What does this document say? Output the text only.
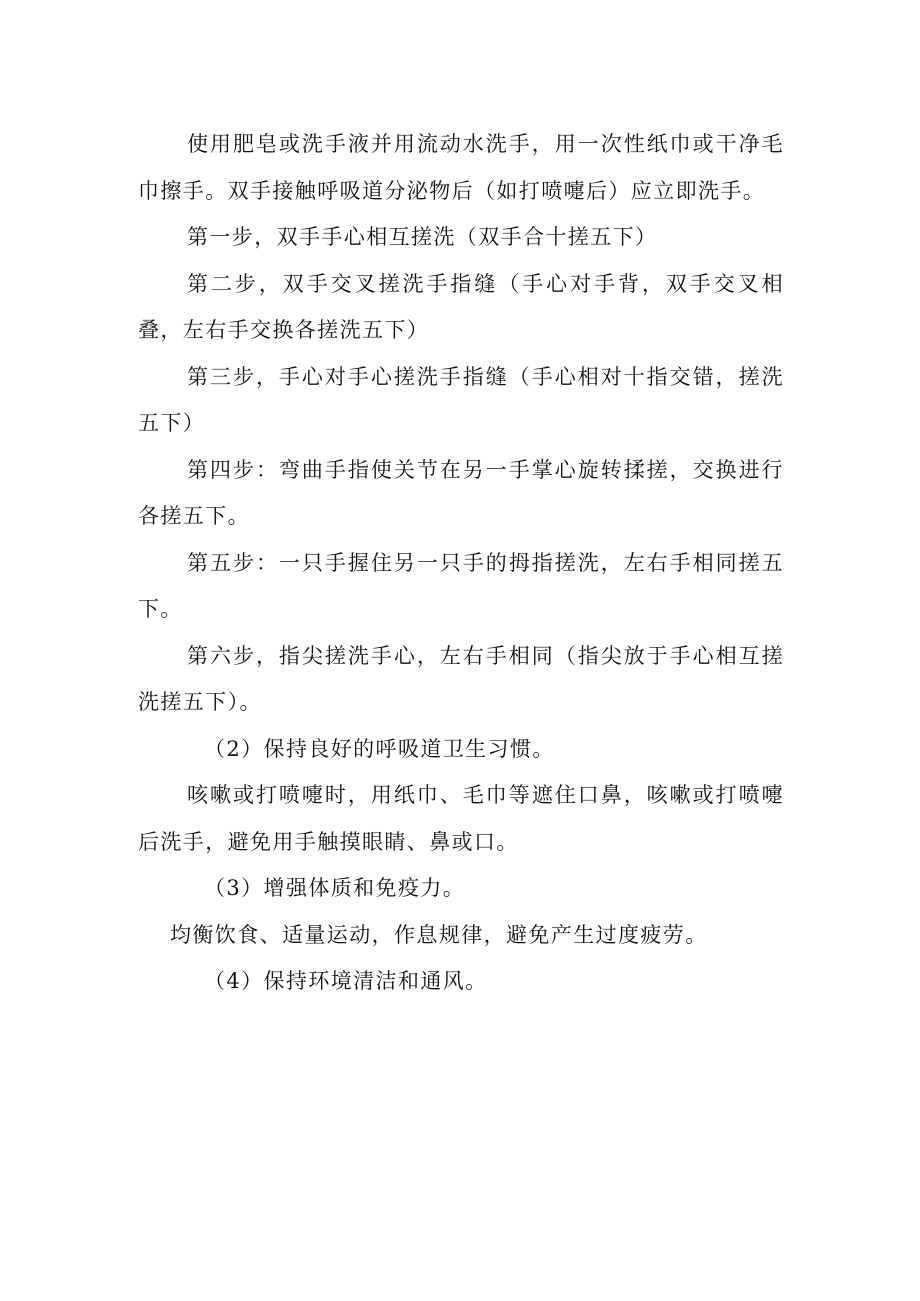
使用肥皂或洗手液并用流动水洗手，用一次性纸巾或干净毛巾擦手。双手接触呼吸道分泌物后（如打喷嚏后）应立即洗手。

第一步，双手手心相互搓洗（双手合十搓五下）

第二步，双手交叉搓洗手指缝（手心对手背，双手交叉相叠，左右手交换各搓洗五下）

第三步，手心对手心搓洗手指缝（手心相对十指交错，搓洗五下）

第四步：弯曲手指使关节在另一手掌心旋转揉搓，交换进行各搓五下。

第五步：一只手握住另一只手的拇指搓洗，左右手相同搓五下。

第六步，指尖搓洗手心，左右手相同（指尖放于手心相互搓洗搓五下）。

（2）保持良好的呼吸道卫生习惯。

咳嗽或打喷嚏时，用纸巾、毛巾等遮住口鼻，咳嗽或打喷嚏后洗手，避免用手触摸眼睛、鼻或口。

（3）增强体质和免疫力。

均衡饮食、适量运动，作息规律，避免产生过度疲劳。

（4）保持环境清洁和通风。
